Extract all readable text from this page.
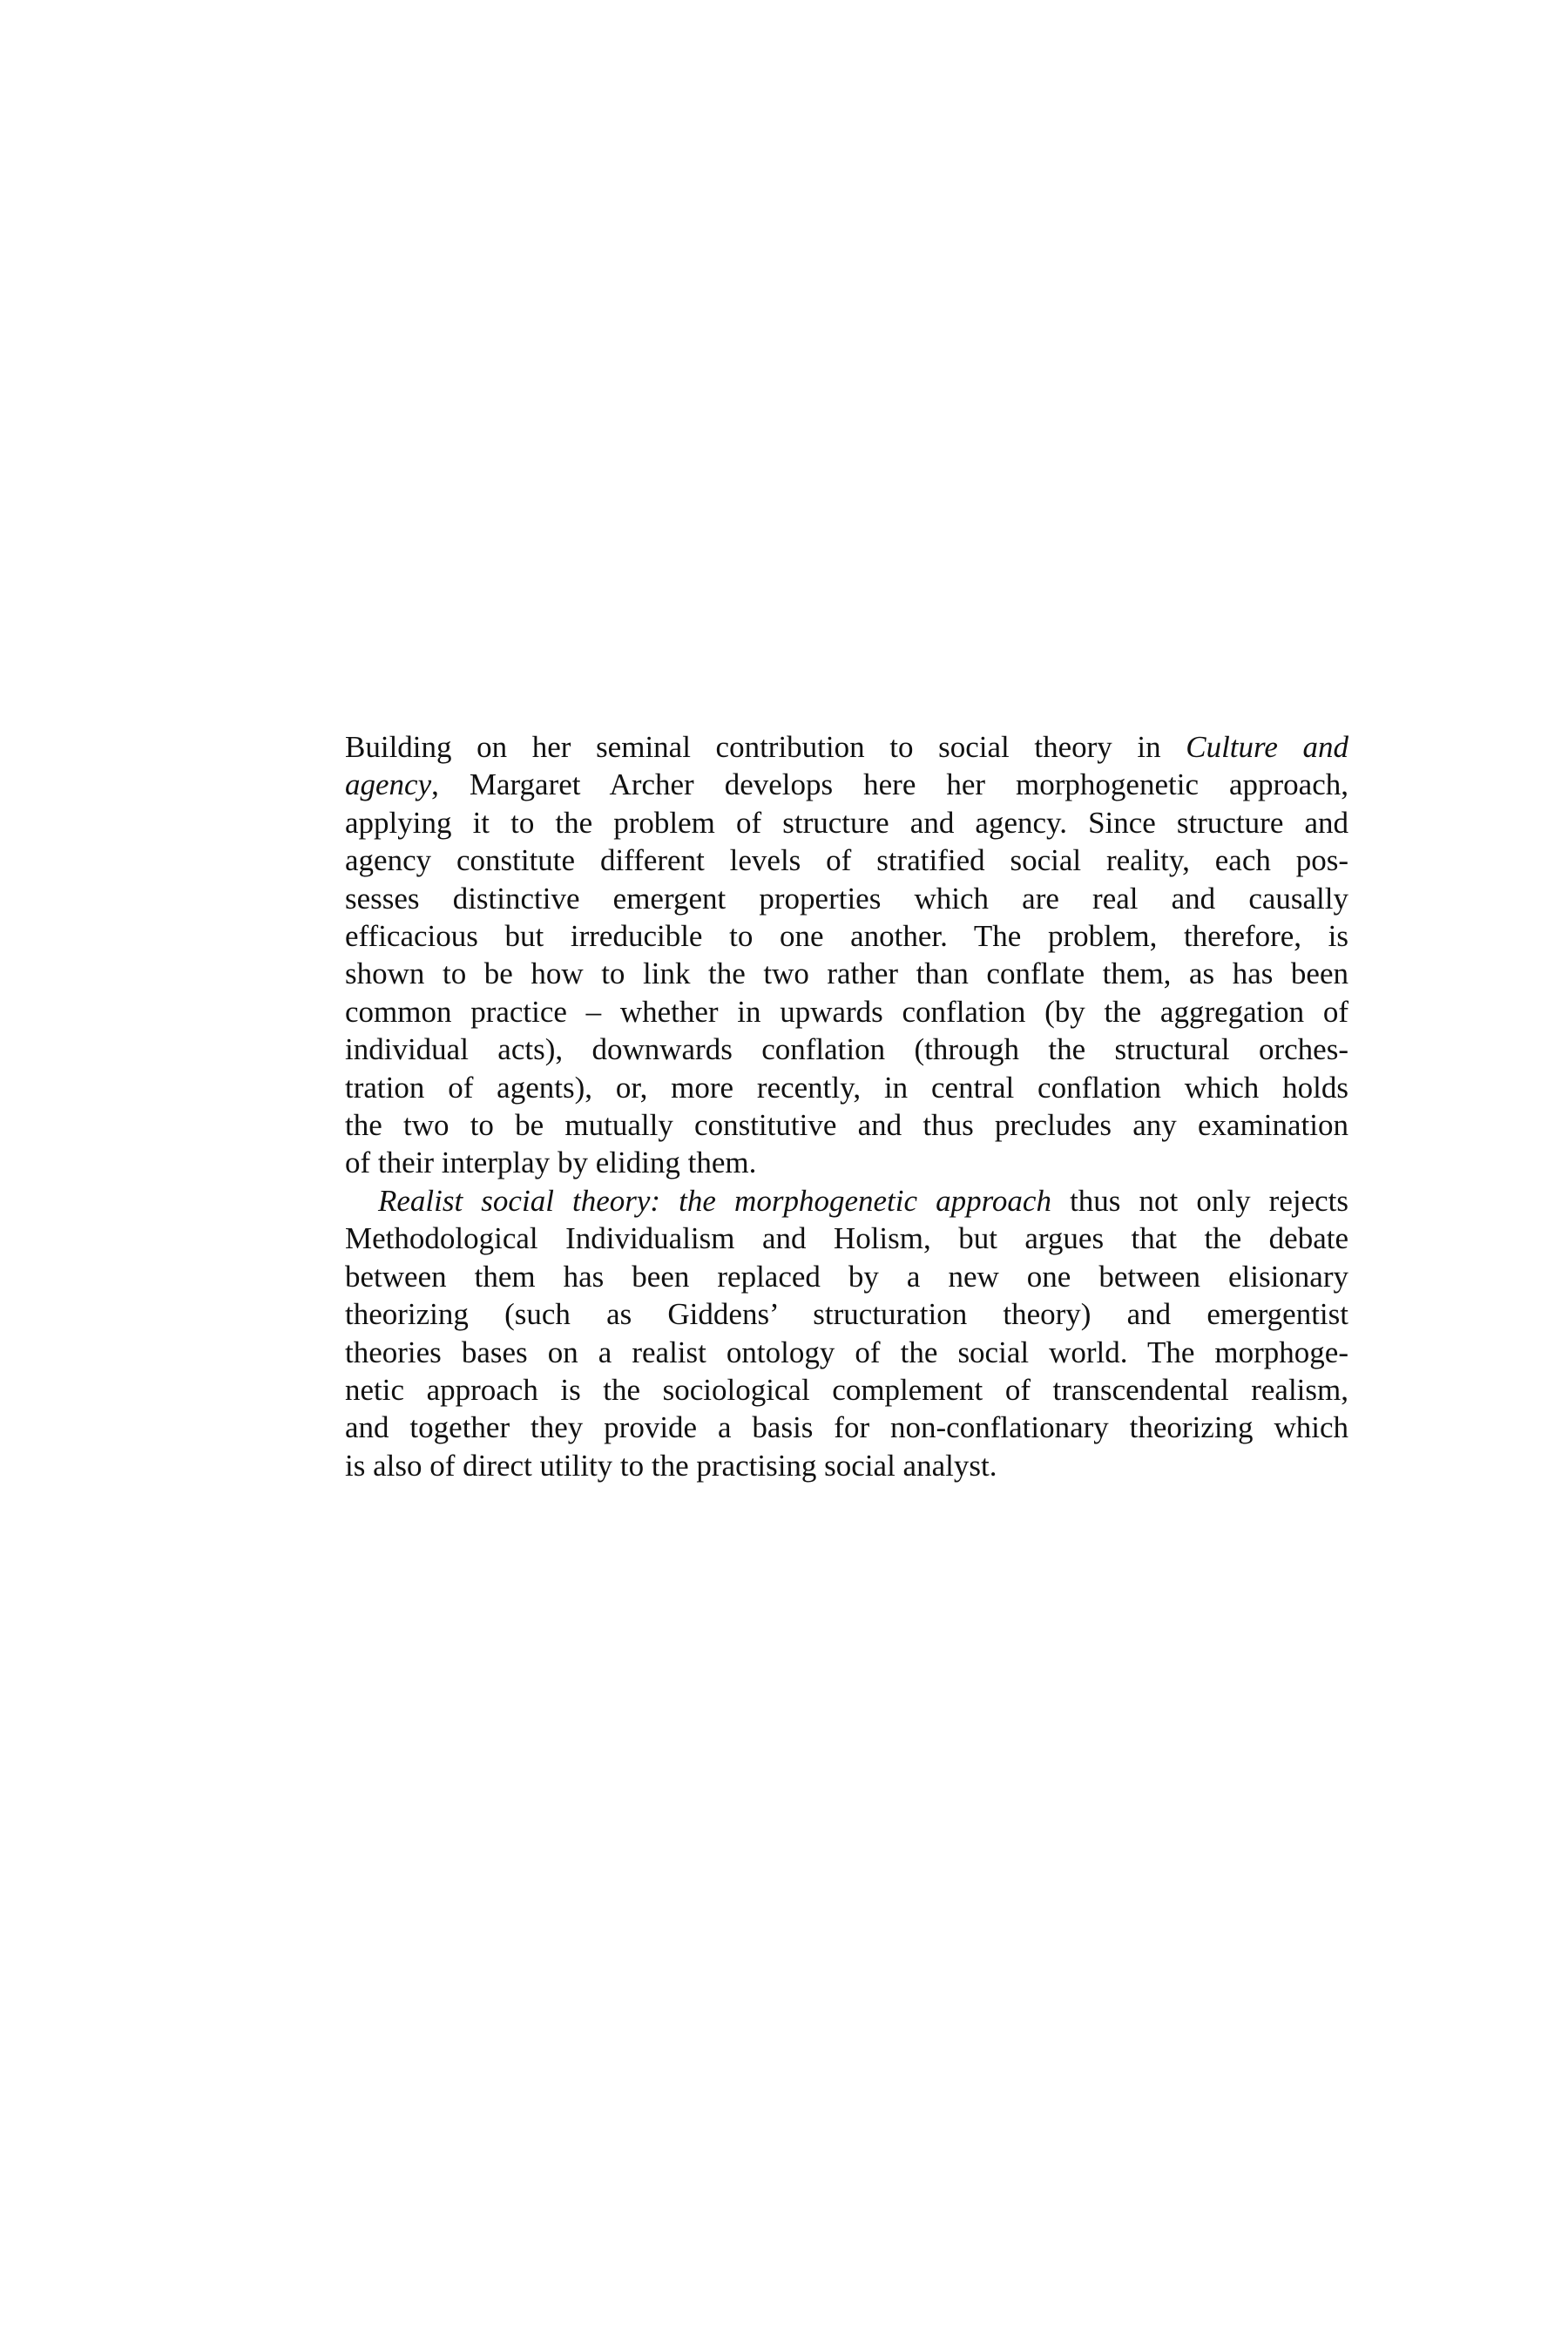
Building on her seminal contribution to social theory in Culture and
agency, Margaret Archer develops here her morphogenetic approach,
applying it to the problem of structure and agency. Since structure and
agency constitute different levels of stratified social reality, each pos-
sesses distinctive emergent properties which are real and causally
efficacious but irreducible to one another. The problem, therefore, is
shown to be how to link the two rather than conflate them, as has been
common practice – whether in upwards conflation (by the aggregation of
individual acts), downwards conflation (through the structural orches-
tration of agents), or, more recently, in central conflation which holds
the two to be mutually constitutive and thus precludes any examination
of their interplay by eliding them.

Realist social theory: the morphogenetic approach thus not only rejects
Methodological Individualism and Holism, but argues that the debate
between them has been replaced by a new one between elisionary
theorizing (such as Giddens’ structuration theory) and emergentist
theories bases on a realist ontology of the social world. The morphoge-
netic approach is the sociological complement of transcendental realism,
and together they provide a basis for non-conflationary theorizing which
is also of direct utility to the practising social analyst.
